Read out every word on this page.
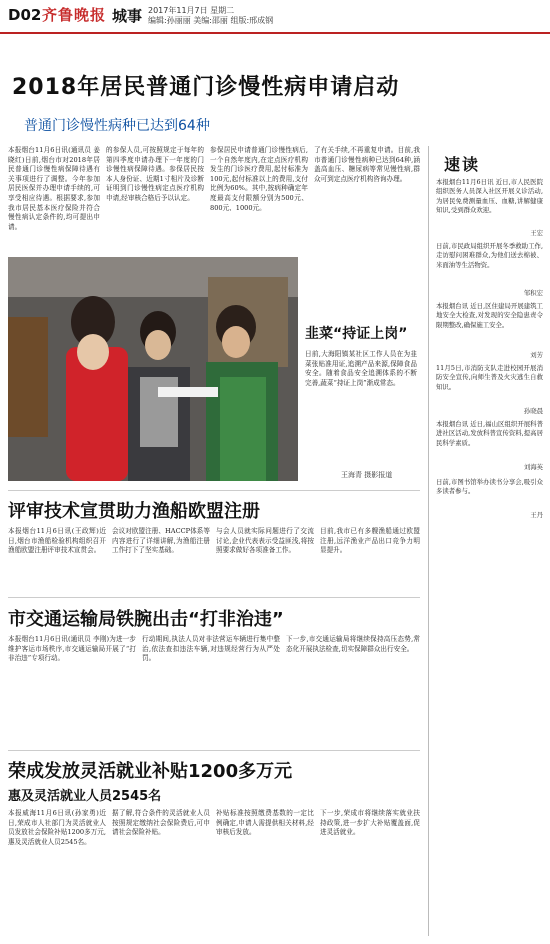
D02 齐鲁晚报 城事 2017年11月7日 星期二
编辑:孙丽丽 美编:邵丽 组版:邢成钢
2018年居民普通门诊慢性病申请启动
普通门诊慢性病种已达到64种
本报烟台11月6日讯(通讯员 姜晓红)日前,烟台市对2018年居民普通门诊慢性病保障待遇有关事项进行了调整。今年参加居民医保并办理申请手续的,可享受相应待遇。根据要求,参加我市居民基本医疗保险并符合慢性病认定条件的,均可提出申请。
的参保人员,可按照规定于每年的第四季度申请办理下一年度的门诊慢性病保障待遇。参保居民按本人身份证、近期1寸相片及诊断证明到门诊慢性病定点医疗机构申请,经审核合格后予以认定。
参保居民申请普通门诊慢性病后,一个自然年度内,在定点医疗机构发生的门诊医疗费用,起付标准为100元,起付标准以上的费用,支付比例为60%。其中,按病种确定年度最高支付限额分别为500元、800元、1000元。
了有关手续,不再重复申请。目前,我市普通门诊慢性病种已达到64种,涵盖高血压、糖尿病等常见慢性病,群众可到定点医疗机构咨询办理。
韭菜“持证上岗”
日前,大海阳镇某社区工作人员在为韭菜张贴准用证,追溯产品来源,保障食品安全。随着食品安全追溯体系的不断完善,蔬菜“持证上岗”渐成常态。
王海青 摄影报道
评审技术宣贯助力渔船欧盟注册
本报烟台11月6日讯(王政辉)近日,烟台市渔船检验机构组织召开渔船欧盟注册评审技术宣贯会。
会议对欧盟注册、HACCP体系等内容进行了详细讲解,为渔船注册工作打下了坚实基础。
与会人员就实际问题进行了交流讨论,企业代表表示受益匪浅,将按照要求做好各项准备工作。
目前,我市已有多艘渔船通过欧盟注册,远洋渔业产品出口竞争力明显提升。
市交通运输局铁腕出击“打非治违”
本报烟台11月6日讯(通讯员 李刚)为进一步维护客运市场秩序,市交通运输局开展了“打非治违”专项行动。
行动期间,执法人员对非法营运车辆进行集中整治,依法查扣违法车辆,对违规经营行为从严处罚。
下一步,市交通运输局将继续保持高压态势,常态化开展执法检查,切实保障群众出行安全。
荣成发放灵活就业补贴1200多万元
惠及灵活就业人员2545名
本报威海11月6日讯(孙家勇)近日,荣成市人社部门为灵活就业人员发放社会保险补贴1200多万元,惠及灵活就业人员2545名。
据了解,符合条件的灵活就业人员按照规定缴纳社会保险费后,可申请社会保险补贴。
补贴标准按照缴费基数的一定比例确定,申请人需提供相关材料,经审核后发放。
下一步,荣成市将继续落实就业扶持政策,进一步扩大补贴覆盖面,促进灵活就业。
速读
本报烟台11月6日讯 近日,市人民医院组织医务人员深入社区开展义诊活动,为居民免费测量血压、血糖,讲解健康知识,受到群众欢迎。
王宏
日前,市民政局组织开展冬季救助工作,走访慰问困难群众,为他们送去棉被、米面油等生活物资。
邹积宏
本报烟台讯 近日,区住建局开展建筑工地安全大检查,对发现的安全隐患责令限期整改,确保施工安全。
刘芳
11月5日,市消防支队走进校园开展消防安全宣传,向师生普及火灾逃生自救知识。
孙晓晨
本报烟台讯 近日,福山区组织开展科普进社区活动,发放科普宣传资料,提高居民科学素质。
刘海英
日前,市图书馆举办读书分享会,吸引众多读者参与。
王丹
